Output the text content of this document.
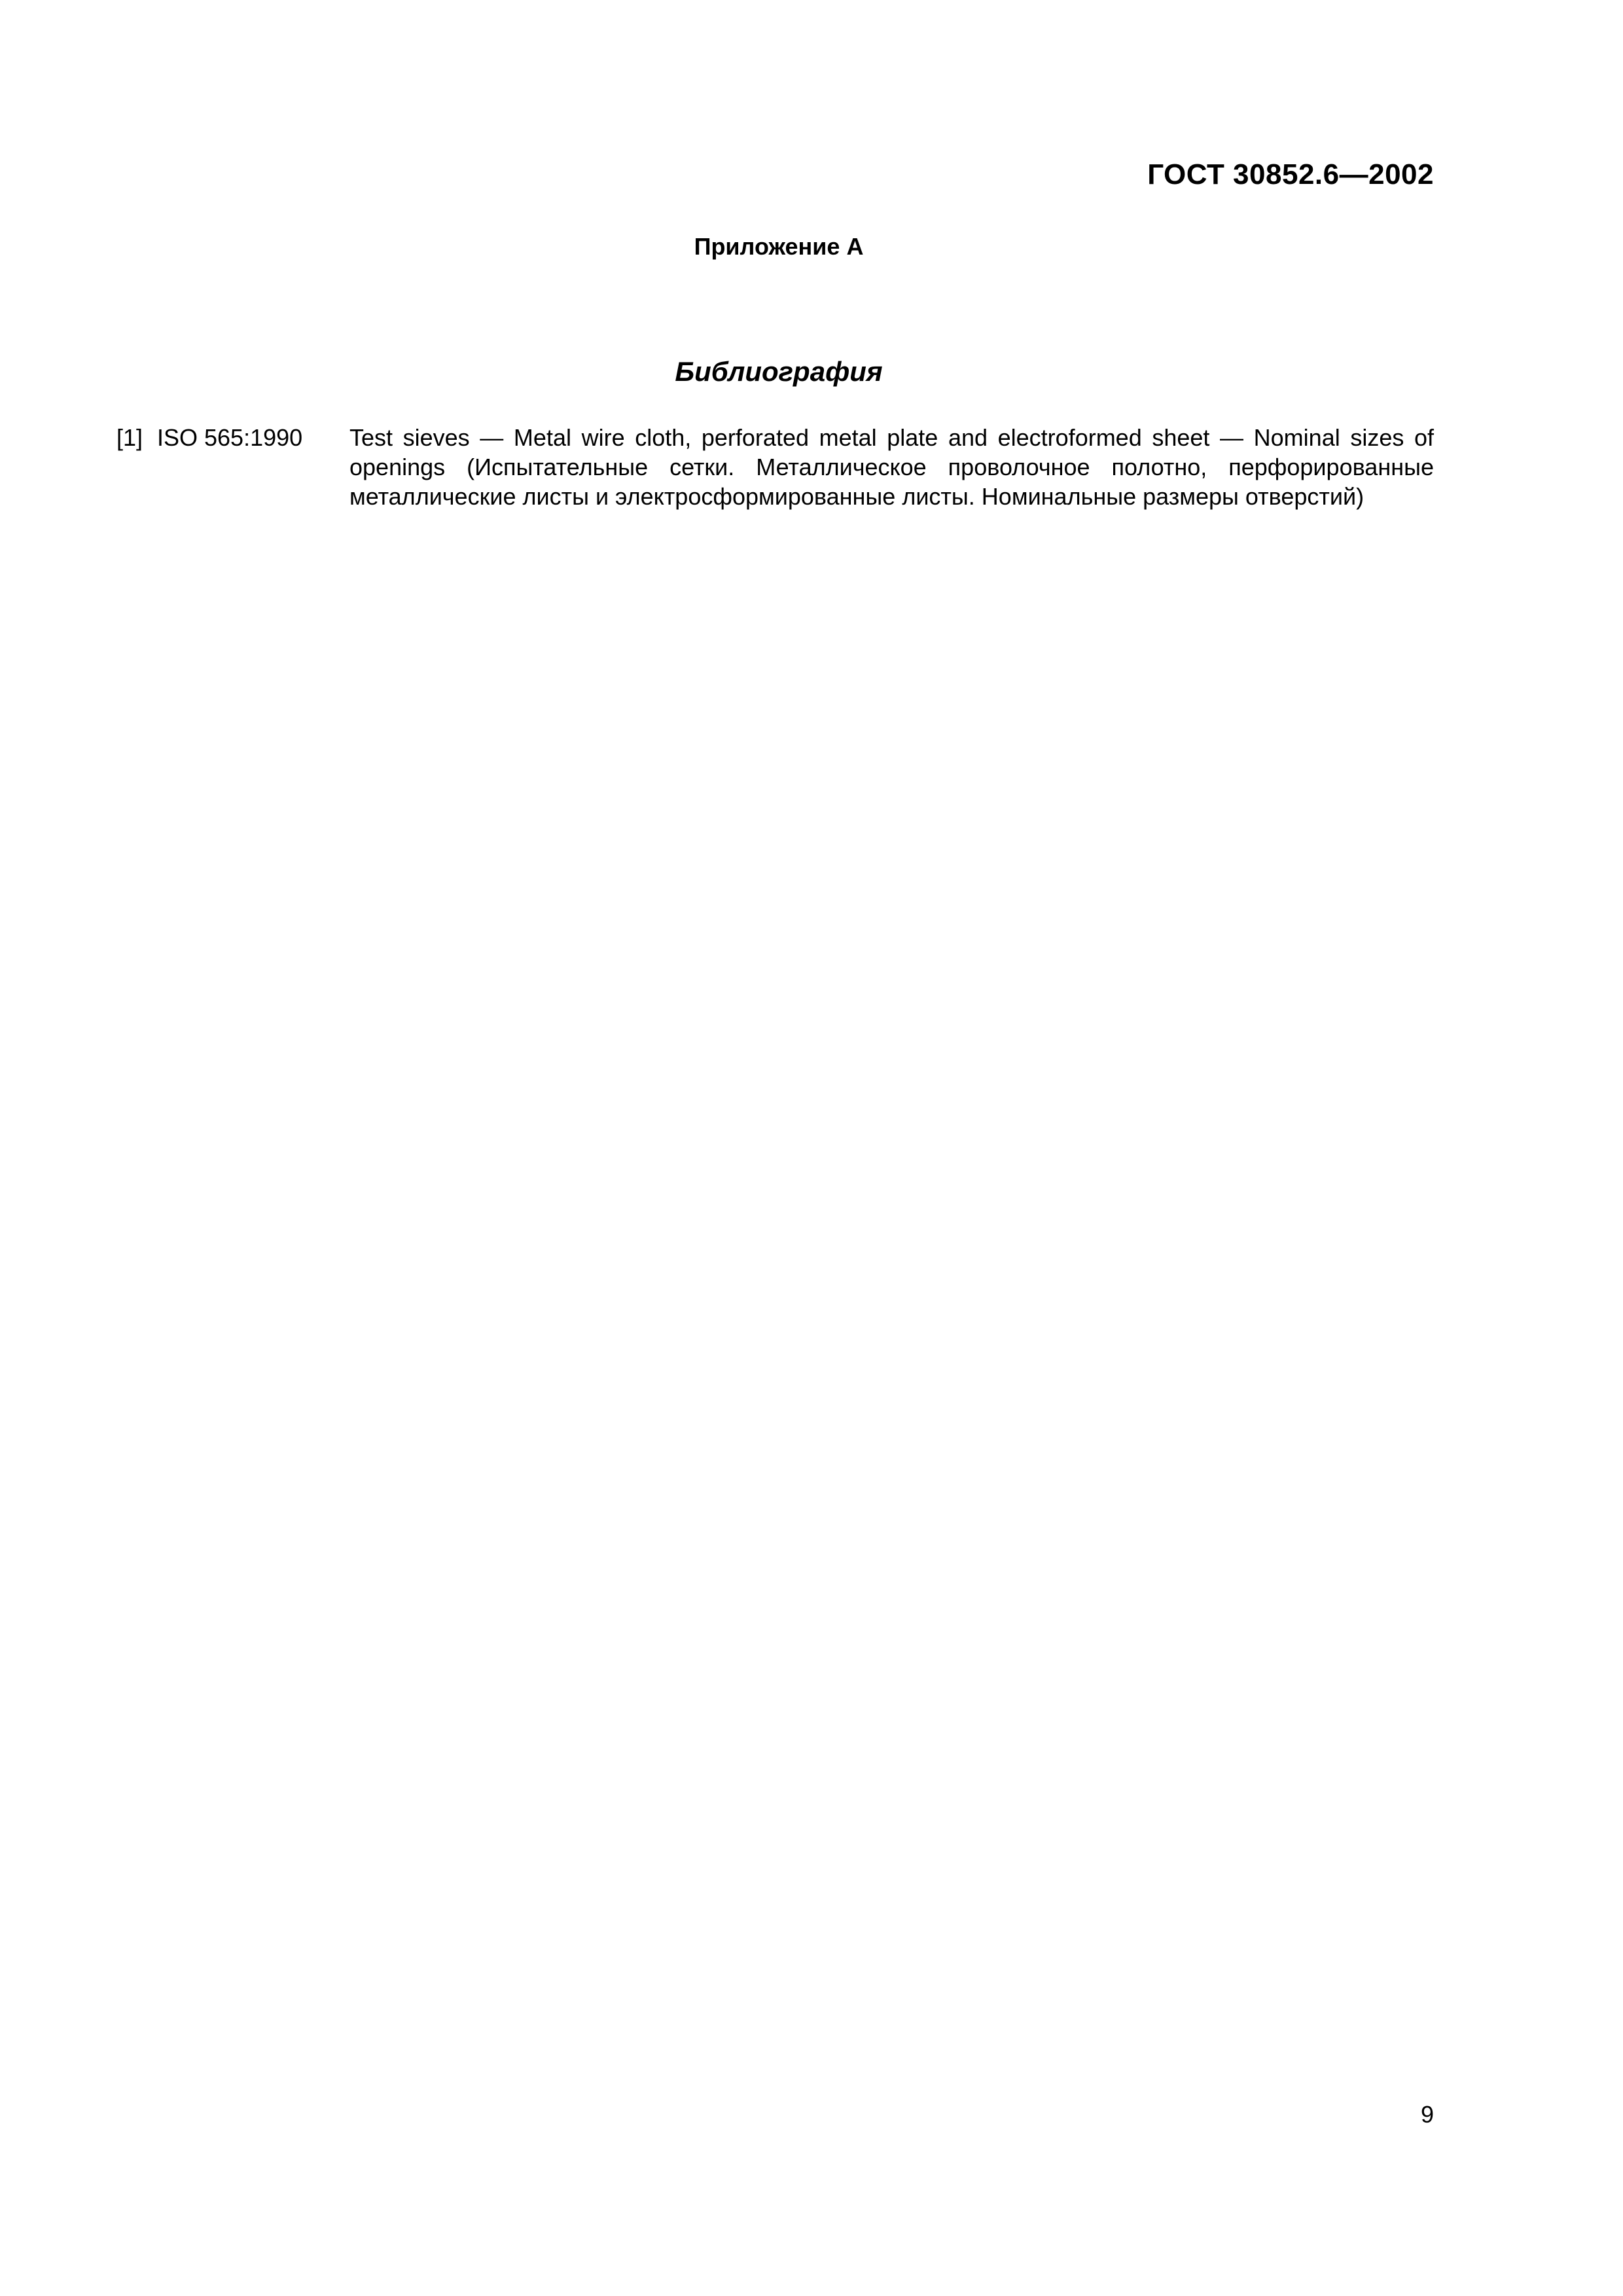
ГОСТ 30852.6—2002
Приложение А
Библиография
[1] ISO 565:1990 Test sieves — Metal wire cloth, perforated metal plate and electroformed sheet — Nominal sizes of
openings (Испытательные сетки. Металлическое проволочное полотно, перфорированные
металлические листы и электросформированные листы. Номинальные размеры отверстий)
9
